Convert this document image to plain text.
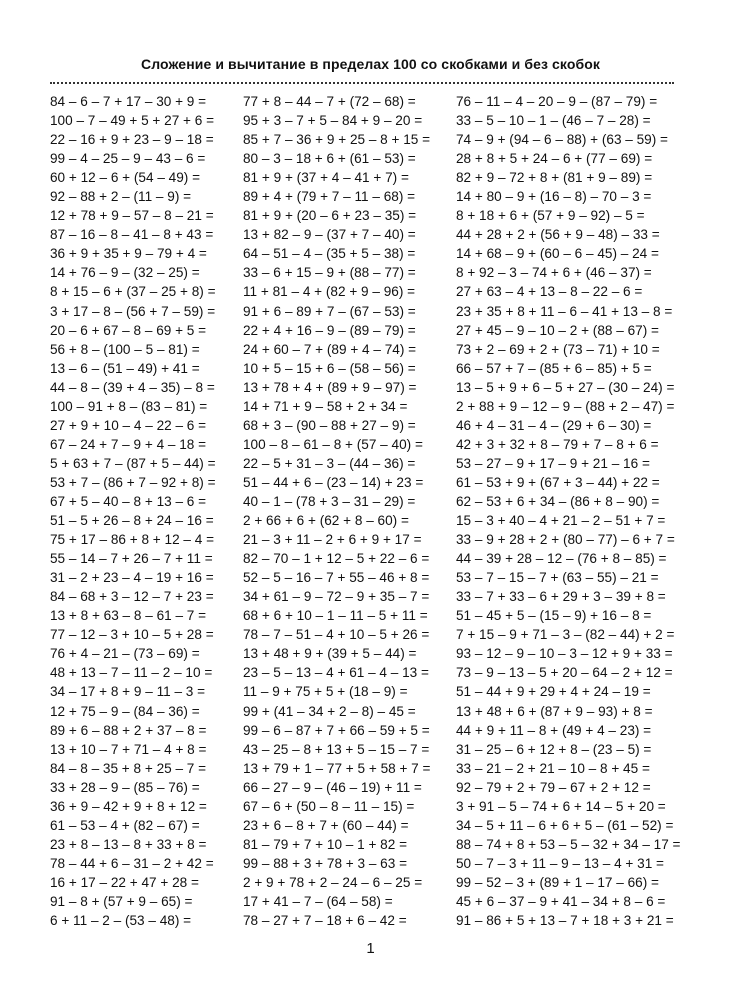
Сложение и вычитание в пределах 100 со скобками и без скобок
84 – 6 – 7 + 17 – 30 + 9 =
100 – 7 – 49 + 5 + 27 + 6 =
22 – 16 + 9 + 23 – 9 – 18 =
99 – 4 – 25 – 9 – 43 – 6 =
60 + 12 – 6 + (54 – 49) =
92 – 88 + 2 – (11 – 9) =
12 + 78 + 9 – 57 – 8 – 21 =
87 – 16 – 8 – 41 – 8 + 43 =
36 + 9 + 35 + 9 – 79 + 4 =
14 + 76 – 9 – (32 – 25) =
8 + 15 – 6 + (37 – 25 + 8) =
3 + 17 – 8 – (56 + 7 – 59) =
20 – 6 + 67 – 8 – 69 + 5 =
56 + 8 – (100 – 5 – 81) =
13 – 6 – (51 – 49) + 41 =
44 – 8 – (39 + 4 – 35) – 8 =
100 – 91 + 8 – (83 – 81) =
27 + 9 + 10 – 4 – 22 – 6 =
67 – 24 + 7 – 9 + 4 – 18 =
5 + 63 + 7 – (87 + 5 – 44) =
53 + 7 – (86 + 7 – 92 + 8) =
67 + 5 – 40 – 8 + 13 – 6 =
51 – 5 + 26 – 8 + 24 – 16 =
75 + 17 – 86 + 8 + 12 – 4 =
55 – 14 – 7 + 26 – 7 + 11 =
31 – 2 + 23 – 4 – 19 + 16 =
84 – 68 + 3 – 12 – 7 + 23 =
13 + 8 + 63 – 8 – 61 – 7 =
77 – 12 – 3 + 10 – 5 + 28 =
76 + 4 – 21 – (73 – 69) =
48 + 13 – 7 – 11 – 2 – 10 =
34 – 17 + 8 + 9 – 11 – 3 =
12 + 75 – 9 – (84 – 36) =
89 + 6 – 88 + 2 + 37 – 8 =
13 + 10 – 7 + 71 – 4 + 8 =
84 – 8 – 35 + 8 + 25 – 7 =
33 + 28 – 9 – (85 – 76) =
36 + 9 – 42 + 9 + 8 + 12 =
61 – 53 – 4 + (82 – 67) =
23 + 8 – 13 – 8 + 33 + 8 =
78 – 44 + 6 – 31 – 2 + 42 =
16 + 17 – 22 + 47 + 28 =
91 – 8 + (57 + 9 – 65) =
6 + 11 – 2 – (53 – 48) =
77 + 8 – 44 – 7 + (72 – 68) =
95 + 3 – 7 + 5 – 84 + 9 – 20 =
85 + 7 – 36 + 9 + 25 – 8 + 15 =
80 – 3 – 18 + 6 + (61 – 53) =
81 + 9 + (37 + 4 – 41 + 7) =
89 + 4 + (79 + 7 – 11 – 68) =
81 + 9 + (20 – 6 + 23 – 35) =
13 + 82 – 9 – (37 + 7 – 40) =
64 – 51 – 4 – (35 + 5 – 38) =
33 – 6 + 15 – 9 + (88 – 77) =
11 + 81 – 4 + (82 + 9 – 96) =
91 + 6 – 89 + 7 – (67 – 53) =
22 + 4 + 16 – 9 – (89 – 79) =
24 + 60 – 7 + (89 + 4 – 74) =
10 + 5 – 15 + 6 – (58 – 56) =
13 + 78 + 4 + (89 + 9 – 97) =
14 + 71 + 9 – 58 + 2 + 34 =
68 + 3 – (90 – 88 + 27 – 9) =
100 – 8 – 61 – 8 + (57 – 40) =
22 – 5 + 31 – 3 – (44 – 36) =
51 – 44 + 6 – (23 – 14) + 23 =
40 – 1 – (78 + 3 – 31 – 29) =
2 + 66 + 6 + (62 + 8 – 60) =
21 – 3 + 11 – 2 + 6 + 9 + 17 =
82 – 70 – 1 + 12 – 5 + 22 – 6 =
52 – 5 – 16 – 7 + 55 – 46 + 8 =
34 + 61 – 9 – 72 – 9 + 35 – 7 =
68 + 6 + 10 – 1 – 11 – 5 + 11 =
78 – 7 – 51 – 4 + 10 – 5 + 26 =
13 + 48 + 9 + (39 + 5 – 44) =
23 – 5 – 13 – 4 + 61 – 4 – 13 =
11 – 9 + 75 + 5 + (18 – 9) =
99 + (41 – 34 + 2 – 8) – 45 =
99 – 6 – 87 + 7 + 66 – 59 + 5 =
43 – 25 – 8 + 13 + 5 – 15 – 7 =
13 + 79 + 1 – 77 + 5 + 58 + 7 =
66 – 27 – 9 – (46 – 19) + 11 =
67 – 6 + (50 – 8 – 11 – 15) =
23 + 6 – 8 + 7 + (60 – 44) =
81 – 79 + 7 + 10 – 1 + 82 =
99 – 88 + 3 + 78 + 3 – 63 =
2 + 9 + 78 + 2 – 24 – 6 – 25 =
17 + 41 – 7 – (64 – 58) =
78 – 27 + 7 – 18 + 6 – 42 =
76 – 11 – 4 – 20 – 9 – (87 – 79) =
33 – 5 – 10 – 1 – (46 – 7 – 28) =
74 – 9 + (94 – 6 – 88) + (63 – 59) =
28 + 8 + 5 + 24 – 6 + (77 – 69) =
82 + 9 – 72 + 8 + (81 + 9 – 89) =
14 + 80 – 9 + (16 – 8) – 70 – 3 =
8 + 18 + 6 + (57 + 9 – 92) – 5 =
44 + 28 + 2 + (56 + 9 – 48) – 33 =
14 + 68 – 9 + (60 – 6 – 45) – 24 =
8 + 92 – 3 – 74 + 6 + (46 – 37) =
27 + 63 – 4 + 13 – 8 – 22 – 6 =
23 + 35 + 8 + 11 – 6 – 41 + 13 – 8 =
27 + 45 – 9 – 10 – 2 + (88 – 67) =
73 + 2 – 69 + 2 + (73 – 71) + 10 =
66 – 57 + 7 – (85 + 6 – 85) + 5 =
13 – 5 + 9 + 6 – 5 + 27 – (30 – 24) =
2 + 88 + 9 – 12 – 9 – (88 + 2 – 47) =
46 + 4 – 31 – 4 – (29 + 6 – 30) =
42 + 3 + 32 + 8 – 79 + 7 – 8 + 6 =
53 – 27 – 9 + 17 – 9 + 21 – 16 =
61 – 53 + 9 + (67 + 3 – 44) + 22 =
62 – 53 + 6 + 34 – (86 + 8 – 90) =
15 – 3 + 40 – 4 + 21 – 2 – 51 + 7 =
33 – 9 + 28 + 2 + (80 – 77) – 6 + 7 =
44 – 39 + 28 – 12 – (76 + 8 – 85) =
53 – 7 – 15 – 7 + (63 – 55) – 21 =
33 – 7 + 33 – 6 + 29 + 3 – 39 + 8 =
51 – 45 + 5 – (15 – 9) + 16 – 8 =
7 + 15 – 9 + 71 – 3 – (82 – 44) + 2 =
93 – 12 – 9 – 10 – 3 – 12 + 9 + 33 =
73 – 9 – 13 – 5 + 20 – 64 – 2 + 12 =
51 – 44 + 9 + 29 + 4 + 24 – 19 =
13 + 48 + 6 + (87 + 9 – 93) + 8 =
44 + 9 + 11 – 8 + (49 + 4 – 23) =
31 – 25 – 6 + 12 + 8 – (23 – 5) =
33 – 21 – 2 + 21 – 10 – 8 + 45 =
92 – 79 + 2 + 79 – 67 + 2 + 12 =
3 + 91 – 5 – 74 + 6 + 14 – 5 + 20 =
34 – 5 + 11 – 6 + 6 + 5 – (61 – 52) =
88 – 74 + 8 + 53 – 5 – 32 + 34 – 17 =
50 – 7 – 3 + 11 – 9 – 13 – 4 + 31 =
99 – 52 – 3 + (89 + 1 – 17 – 66) =
45 + 6 – 37 – 9 + 41 – 34 + 8 – 6 =
91 – 86 + 5 + 13 – 7 + 18 + 3 + 21 =
1
